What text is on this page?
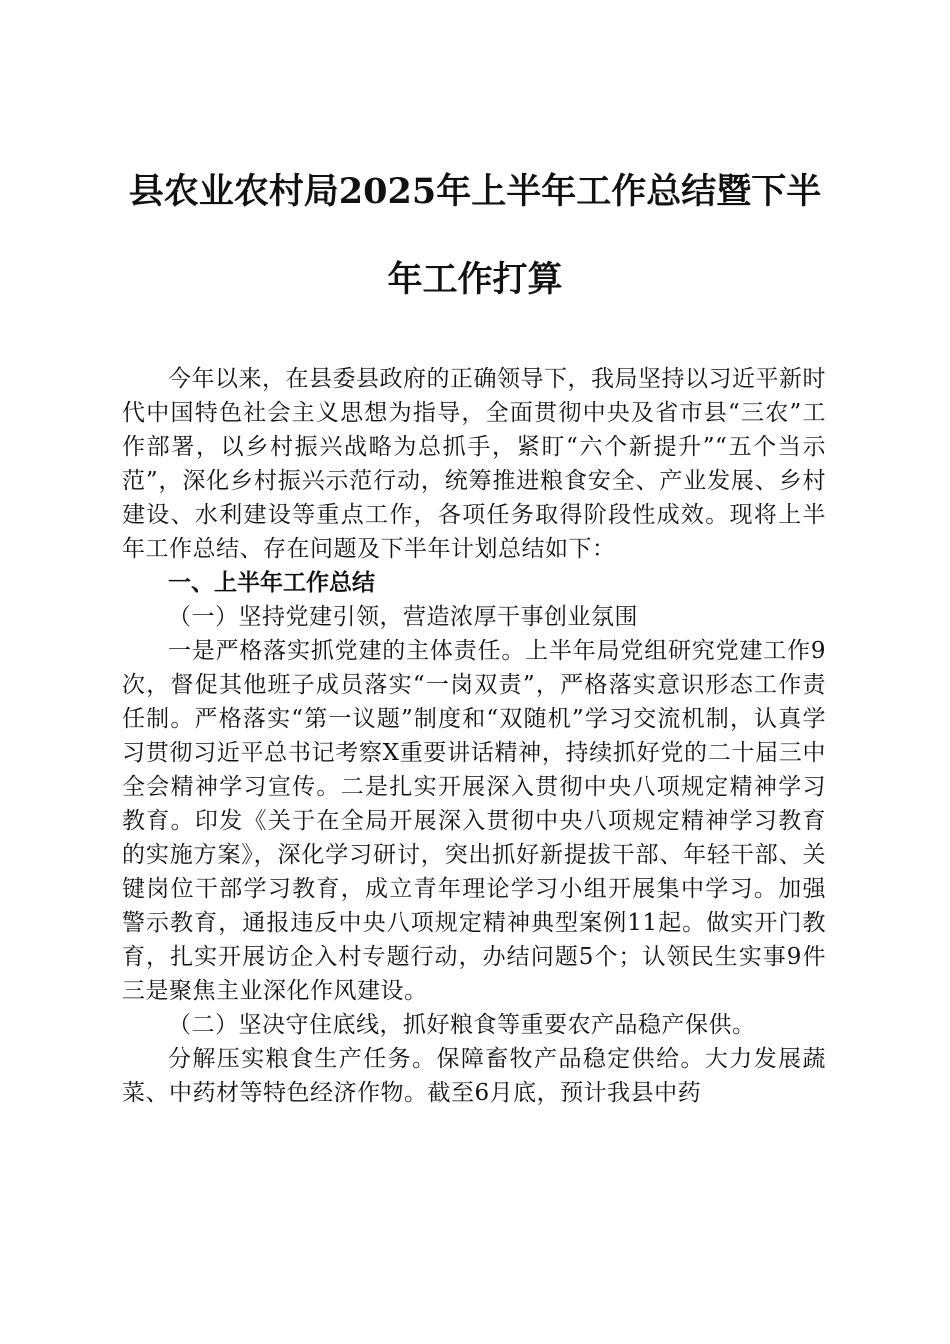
县农业农村局2025年上半年工作总结暨下半
年工作打算

今年以来，在县委县政府的正确领导下，我局坚持以习近平新时代中国特色社会主义思想为指导，全面贯彻中央及省市县“三农”工作部署，以乡村振兴战略为总抓手，紧盯“六个新提升”“五个当示范”，深化乡村振兴示范行动，统筹推进粮食安全、产业发展、乡村建设、水利建设等重点工作，各项任务取得阶段性成效。现将上半年工作总结、存在问题及下半年计划总结如下：

一、上半年工作总结

（一）坚持党建引领，营造浓厚干事创业氛围

一是严格落实抓党建的主体责任。上半年局党组研究党建工作9次，督促其他班子成员落实“一岗双责”，严格落实意识形态工作责任制。严格落实“第一议题”制度和“双随机”学习交流机制，认真学习贯彻习近平总书记考察X重要讲话精神，持续抓好党的二十届三中全会精神学习宣传。二是扎实开展深入贯彻中央八项规定精神学习教育。印发《关于在全局开展深入贯彻中央八项规定精神学习教育的实施方案》，深化学习研讨，突出抓好新提拔干部、年轻干部、关键岗位干部学习教育，成立青年理论学习小组开展集中学习。加强警示教育，通报违反中央八项规定精神典型案例11起。做实开门教育，扎实开展访企入村专题行动，办结问题5个；认领民生实事9件三是聚焦主业深化作风建设。

（二）坚决守住底线，抓好粮食等重要农产品稳产保供。

分解压实粮食生产任务。保障畜牧产品稳定供给。大力发展蔬菜、中药材等特色经济作物。截至6月底，预计我县中药
